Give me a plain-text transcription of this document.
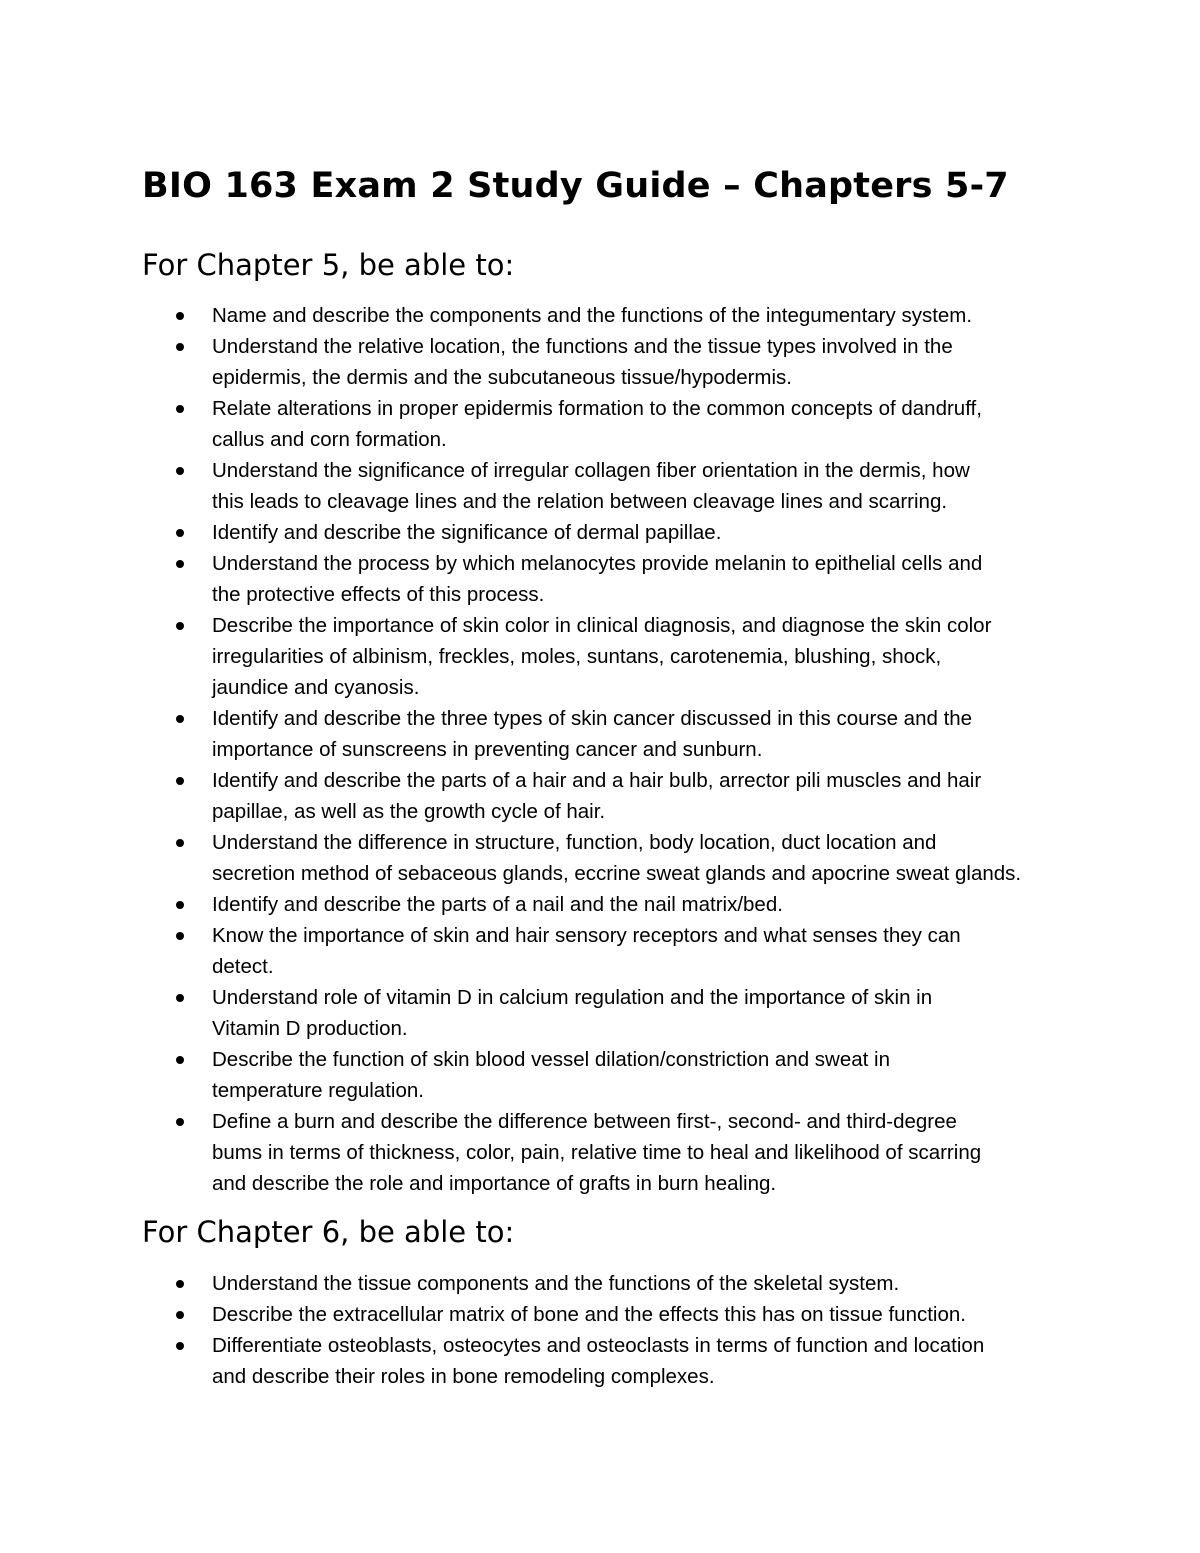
BIO 163 Exam 2 Study Guide – Chapters 5-7
For Chapter 5, be able to:
Name and describe the components and the functions of the integumentary system.
Understand the relative location, the functions and the tissue types involved in the
epidermis, the dermis and the subcutaneous tissue/hypodermis.
Relate alterations in proper epidermis formation to the common concepts of dandruff,
callus and corn formation.
Understand the significance of irregular collagen fiber orientation in the dermis, how
this leads to cleavage lines and the relation between cleavage lines and scarring.
Identify and describe the significance of dermal papillae.
Understand the process by which melanocytes provide melanin to epithelial cells and
the protective effects of this process.
Describe the importance of skin color in clinical diagnosis, and diagnose the skin color
irregularities of albinism, freckles, moles, suntans, carotenemia, blushing, shock,
jaundice and cyanosis.
Identify and describe the three types of skin cancer discussed in this course and the
importance of sunscreens in preventing cancer and sunburn.
Identify and describe the parts of a hair and a hair bulb, arrector pili muscles and hair
papillae, as well as the growth cycle of hair.
Understand the difference in structure, function, body location, duct location and
secretion method of sebaceous glands, eccrine sweat glands and apocrine sweat glands.
Identify and describe the parts of a nail and the nail matrix/bed.
Know the importance of skin and hair sensory receptors and what senses they can
detect.
Understand role of vitamin D in calcium regulation and the importance of skin in
Vitamin D production.
Describe the function of skin blood vessel dilation/constriction and sweat in
temperature regulation.
Define a burn and describe the difference between first-, second- and third-degree
bums in terms of thickness, color, pain, relative time to heal and likelihood of scarring
and describe the role and importance of grafts in burn healing.
For Chapter 6, be able to:
Understand the tissue components and the functions of the skeletal system.
Describe the extracellular matrix of bone and the effects this has on tissue function.
Differentiate osteoblasts, osteocytes and osteoclasts in terms of function and location
and describe their roles in bone remodeling complexes.
